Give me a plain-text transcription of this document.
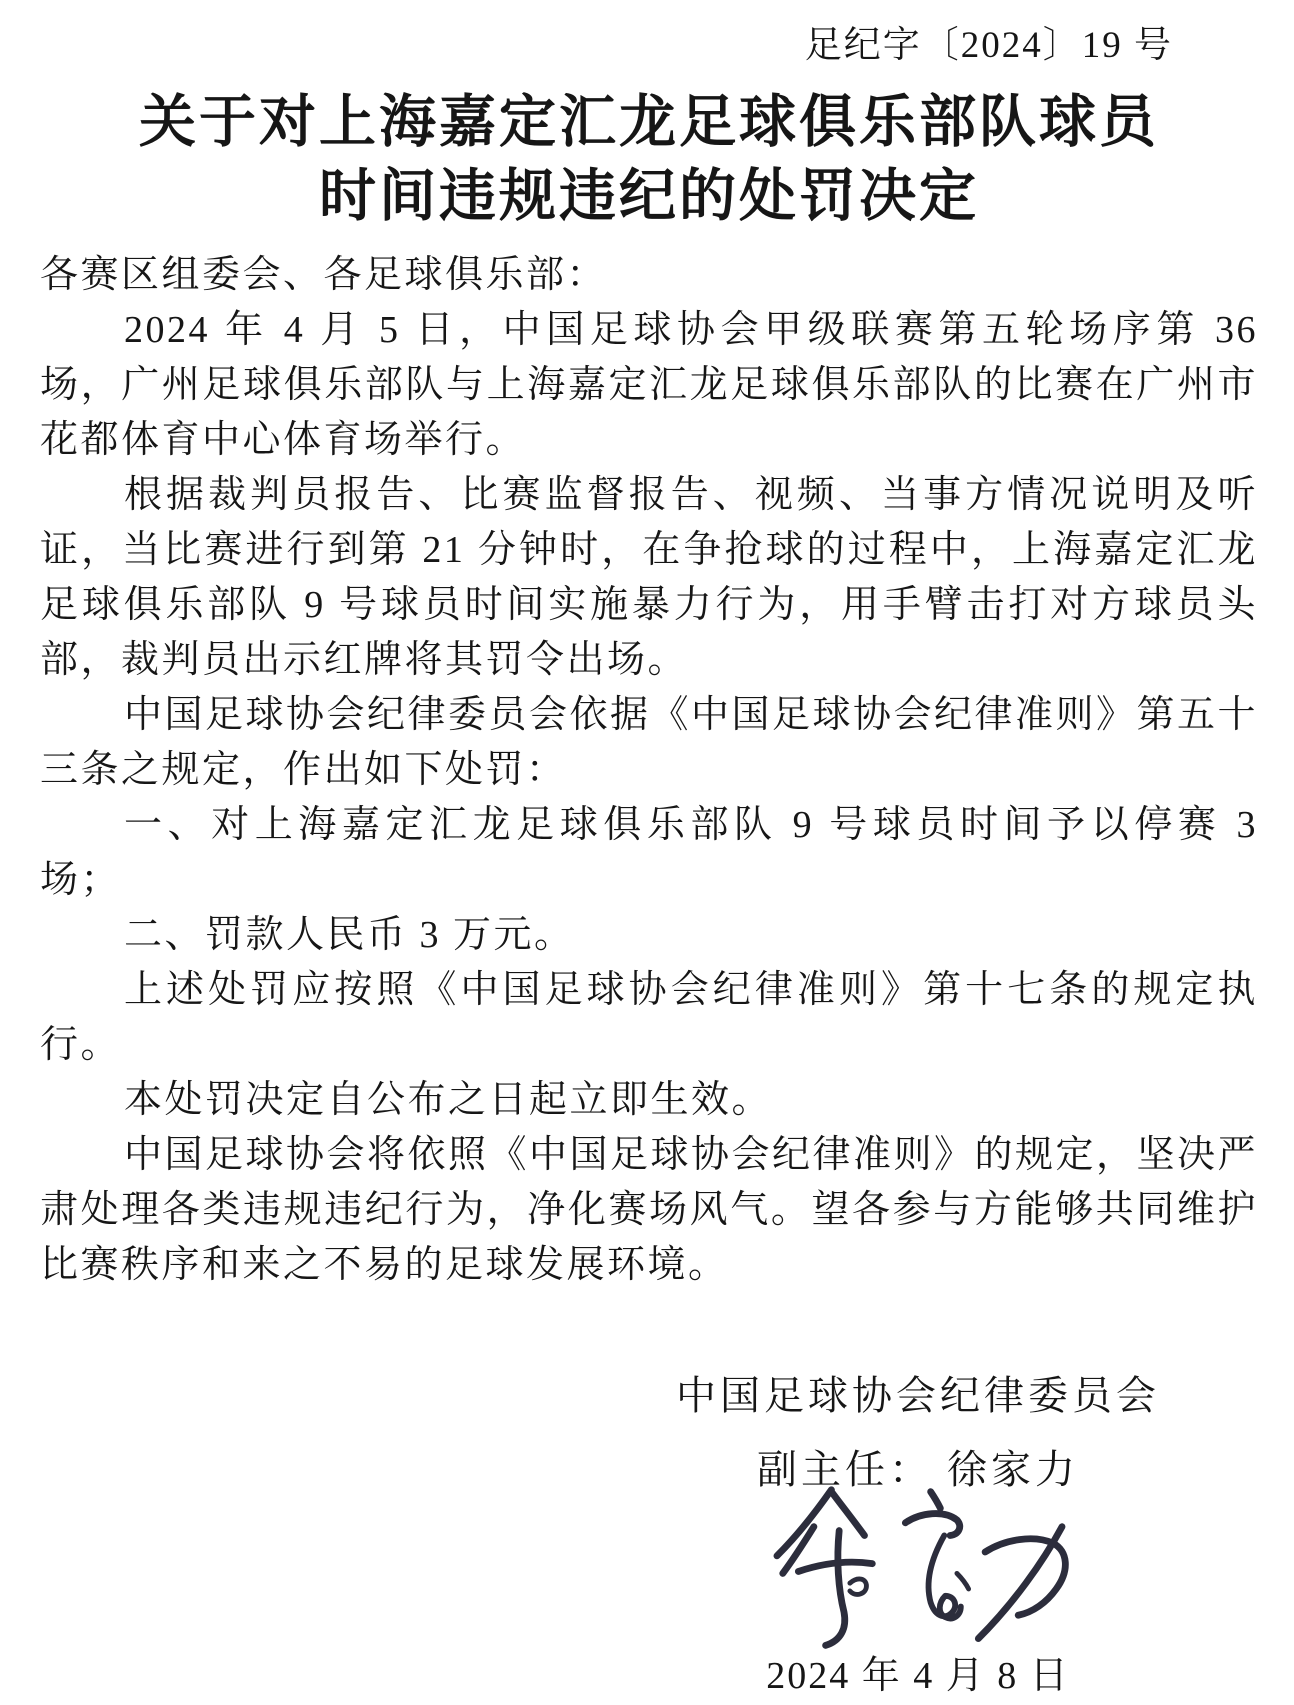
足纪字〔2024〕19 号
关于对上海嘉定汇龙足球俱乐部队球员
时间违规违纪的处罚决定

各赛区组委会、各足球俱乐部：

2024 年 4 月 5 日，中国足球协会甲级联赛第五轮场序第 36 场，广州足球俱乐部队与上海嘉定汇龙足球俱乐部队的比赛在广州市花都体育中心体育场举行。

根据裁判员报告、比赛监督报告、视频、当事方情况说明及听证，当比赛进行到第 21 分钟时，在争抢球的过程中，上海嘉定汇龙足球俱乐部队 9 号球员时间实施暴力行为，用手臂击打对方球员头部，裁判员出示红牌将其罚令出场。

中国足球协会纪律委员会依据《中国足球协会纪律准则》第五十三条之规定，作出如下处罚：

一、对上海嘉定汇龙足球俱乐部队 9 号球员时间予以停赛 3 场；

二、罚款人民币 3 万元。

上述处罚应按照《中国足球协会纪律准则》第十七条的规定执行。

本处罚决定自公布之日起立即生效。

中国足球协会将依照《中国足球协会纪律准则》的规定，坚决严肃处理各类违规违纪行为，净化赛场风气。望各参与方能够共同维护比赛秩序和来之不易的足球发展环境。

中国足球协会纪律委员会
副主任： 徐家力
2024 年 4 月 8 日
